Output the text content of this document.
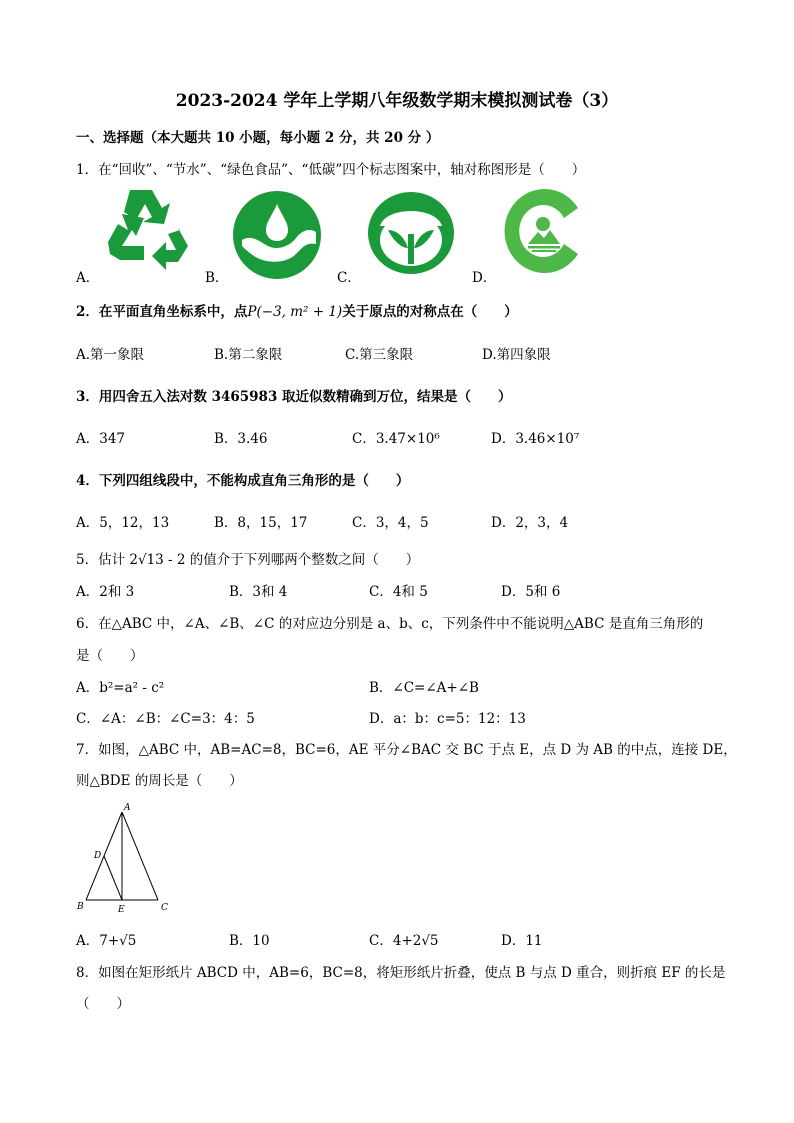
2023-2024 学年上学期八年级数学期末模拟测试卷（3）
一、选择题（本大题共 10 小题，每小题 2 分，共 20 分 ）
1．在“回收”、“节水”、“绿色食品”、“低碳”四个标志图案中，轴对称图形是（　　）
A．	B．	C．	D．
2．在平面直角坐标系中，点P(−3, m² + 1)关于原点的对称点在（　　）
A.第一象限	B.第二象限	C.第三象限	D.第四象限
3．用四舍五入法对数 3465983 取近似数精确到万位，结果是（　　）
A．347	B．3.46	C．3.47×10⁶	D．3.46×10⁷
4．下列四组线段中，不能构成直角三角形的是（　　）
A．5，12，13	B．8，15，17	C．3，4，5	D．2，3，4
5．估计 2√13 - 2 的值介于下列哪两个整数之间（　　）
A．2和 3	B．3和 4	C．4和 5	D．5和 6
6．在△ABC 中，∠A、∠B、∠C 的对应边分别是 a、b、c，下列条件中不能说明△ABC 是直角三角形的
是（　　）
A．b²=a² - c²	B．∠C=∠A+∠B
C．∠A：∠B：∠C=3：4：5	D．a：b：c=5：12：13
7．如图，△ABC 中，AB=AC=8，BC=6，AE 平分∠BAC 交 BC 于点 E，点 D 为 AB 的中点，连接 DE，
则△BDE 的周长是（　　）
A
D
B	E	C
A．7+√5	B．10	C．4+2√5	D．11
8．如图在矩形纸片 ABCD 中，AB=6，BC=8，将矩形纸片折叠，使点 B 与点 D 重合，则折痕 EF 的长是
（　　）
